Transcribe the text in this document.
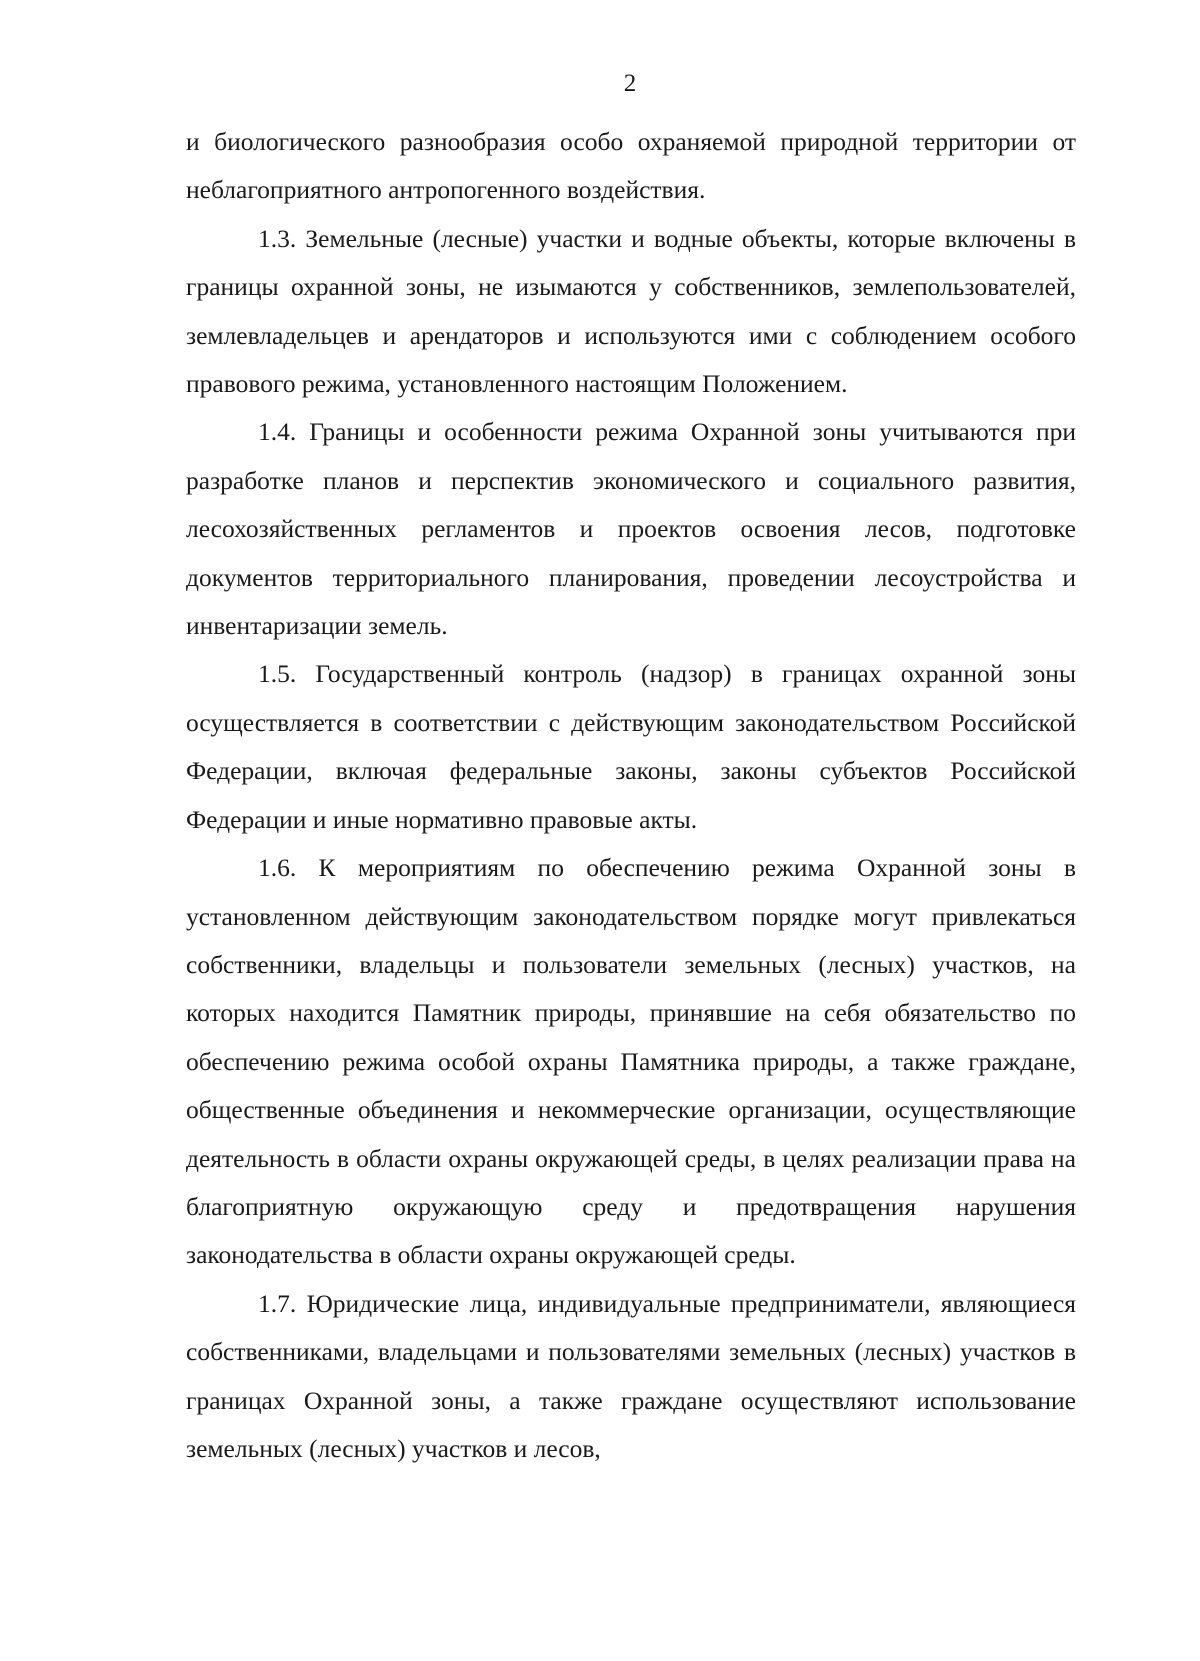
2

и биологического разнообразия особо охраняемой природной территории от неблагоприятного антропогенного воздействия.

1.3. Земельные (лесные) участки и водные объекты, которые включены в границы охранной зоны, не изымаются у собственников, землепользователей, землевладельцев и арендаторов и используются ими с соблюдением особого правового режима, установленного настоящим Положением.

1.4. Границы и особенности режима Охранной зоны учитываются при разработке планов и перспектив экономического и социального развития, лесохозяйственных регламентов и проектов освоения лесов, подготовке документов территориального планирования, проведении лесоустройства и инвентаризации земель.

1.5. Государственный контроль (надзор) в границах охранной зоны осуществляется в соответствии с действующим законодательством Российской Федерации, включая федеральные законы, законы субъектов Российской Федерации и иные нормативно правовые акты.

1.6. К мероприятиям по обеспечению режима Охранной зоны в установленном действующим законодательством порядке могут привлекаться собственники, владельцы и пользователи земельных (лесных) участков, на которых находится Памятник природы, принявшие на себя обязательство по обеспечению режима особой охраны Памятника природы, а также граждане, общественные объединения и некоммерческие организации, осуществляющие деятельность в области охраны окружающей среды, в целях реализации права на благоприятную окружающую среду и предотвращения нарушения законодательства в области охраны окружающей среды.

1.7. Юридические лица, индивидуальные предприниматели, являющиеся собственниками, владельцами и пользователями земельных (лесных) участков в границах Охранной зоны, а также граждане осуществляют использование земельных (лесных) участков и лесов,
